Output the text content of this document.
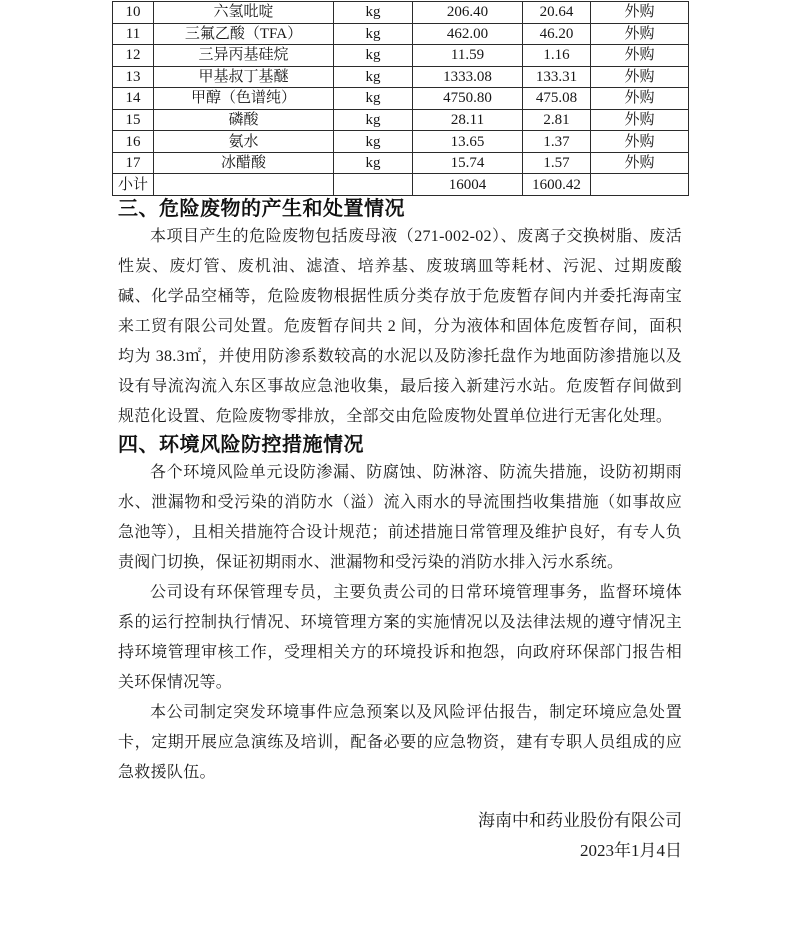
10	六氢吡啶	kg	206.40	20.64	外购
11	三氟乙酸（TFA）	kg	462.00	46.20	外购
12	三异丙基硅烷	kg	11.59	1.16	外购
13	甲基叔丁基醚	kg	1333.08	133.31	外购
14	甲醇（色谱纯）	kg	4750.80	475.08	外购
15	磷酸	kg	28.11	2.81	外购
16	氨水	kg	13.65	1.37	外购
17	冰醋酸	kg	15.74	1.57	外购
小计			16004	1600.42	
三、危险废物的产生和处置情况

本项目产生的危险废物包括废母液（271-002-02）、废离子交换树脂、废活性炭、废灯管、废机油、滤渣、培养基、废玻璃皿等耗材、污泥、过期废酸碱、化学品空桶等，危险废物根据性质分类存放于危废暂存间内并委托海南宝来工贸有限公司处置。危废暂存间共 2 间，分为液体和固体危废暂存间，面积均为 38.3㎡，并使用防渗系数较高的水泥以及防渗托盘作为地面防渗措施以及设有导流沟流入东区事故应急池收集，最后接入新建污水站。危废暂存间做到规范化设置、危险废物零排放，全部交由危险废物处置单位进行无害化处理。

四、环境风险防控措施情况

各个环境风险单元设防渗漏、防腐蚀、防淋溶、防流失措施，设防初期雨水、泄漏物和受污染的消防水（溢）流入雨水的导流围挡收集措施（如事故应急池等），且相关措施符合设计规范；前述措施日常管理及维护良好，有专人负责阀门切换，保证初期雨水、泄漏物和受污染的消防水排入污水系统。

公司设有环保管理专员，主要负责公司的日常环境管理事务，监督环境体系的运行控制执行情况、环境管理方案的实施情况以及法律法规的遵守情况主持环境管理审核工作，受理相关方的环境投诉和抱怨，向政府环保部门报告相关环保情况等。

本公司制定突发环境事件应急预案以及风险评估报告，制定环境应急处置卡，定期开展应急演练及培训，配备必要的应急物资，建有专职人员组成的应急救援队伍。

海南中和药业股份有限公司
2023年1月4日
